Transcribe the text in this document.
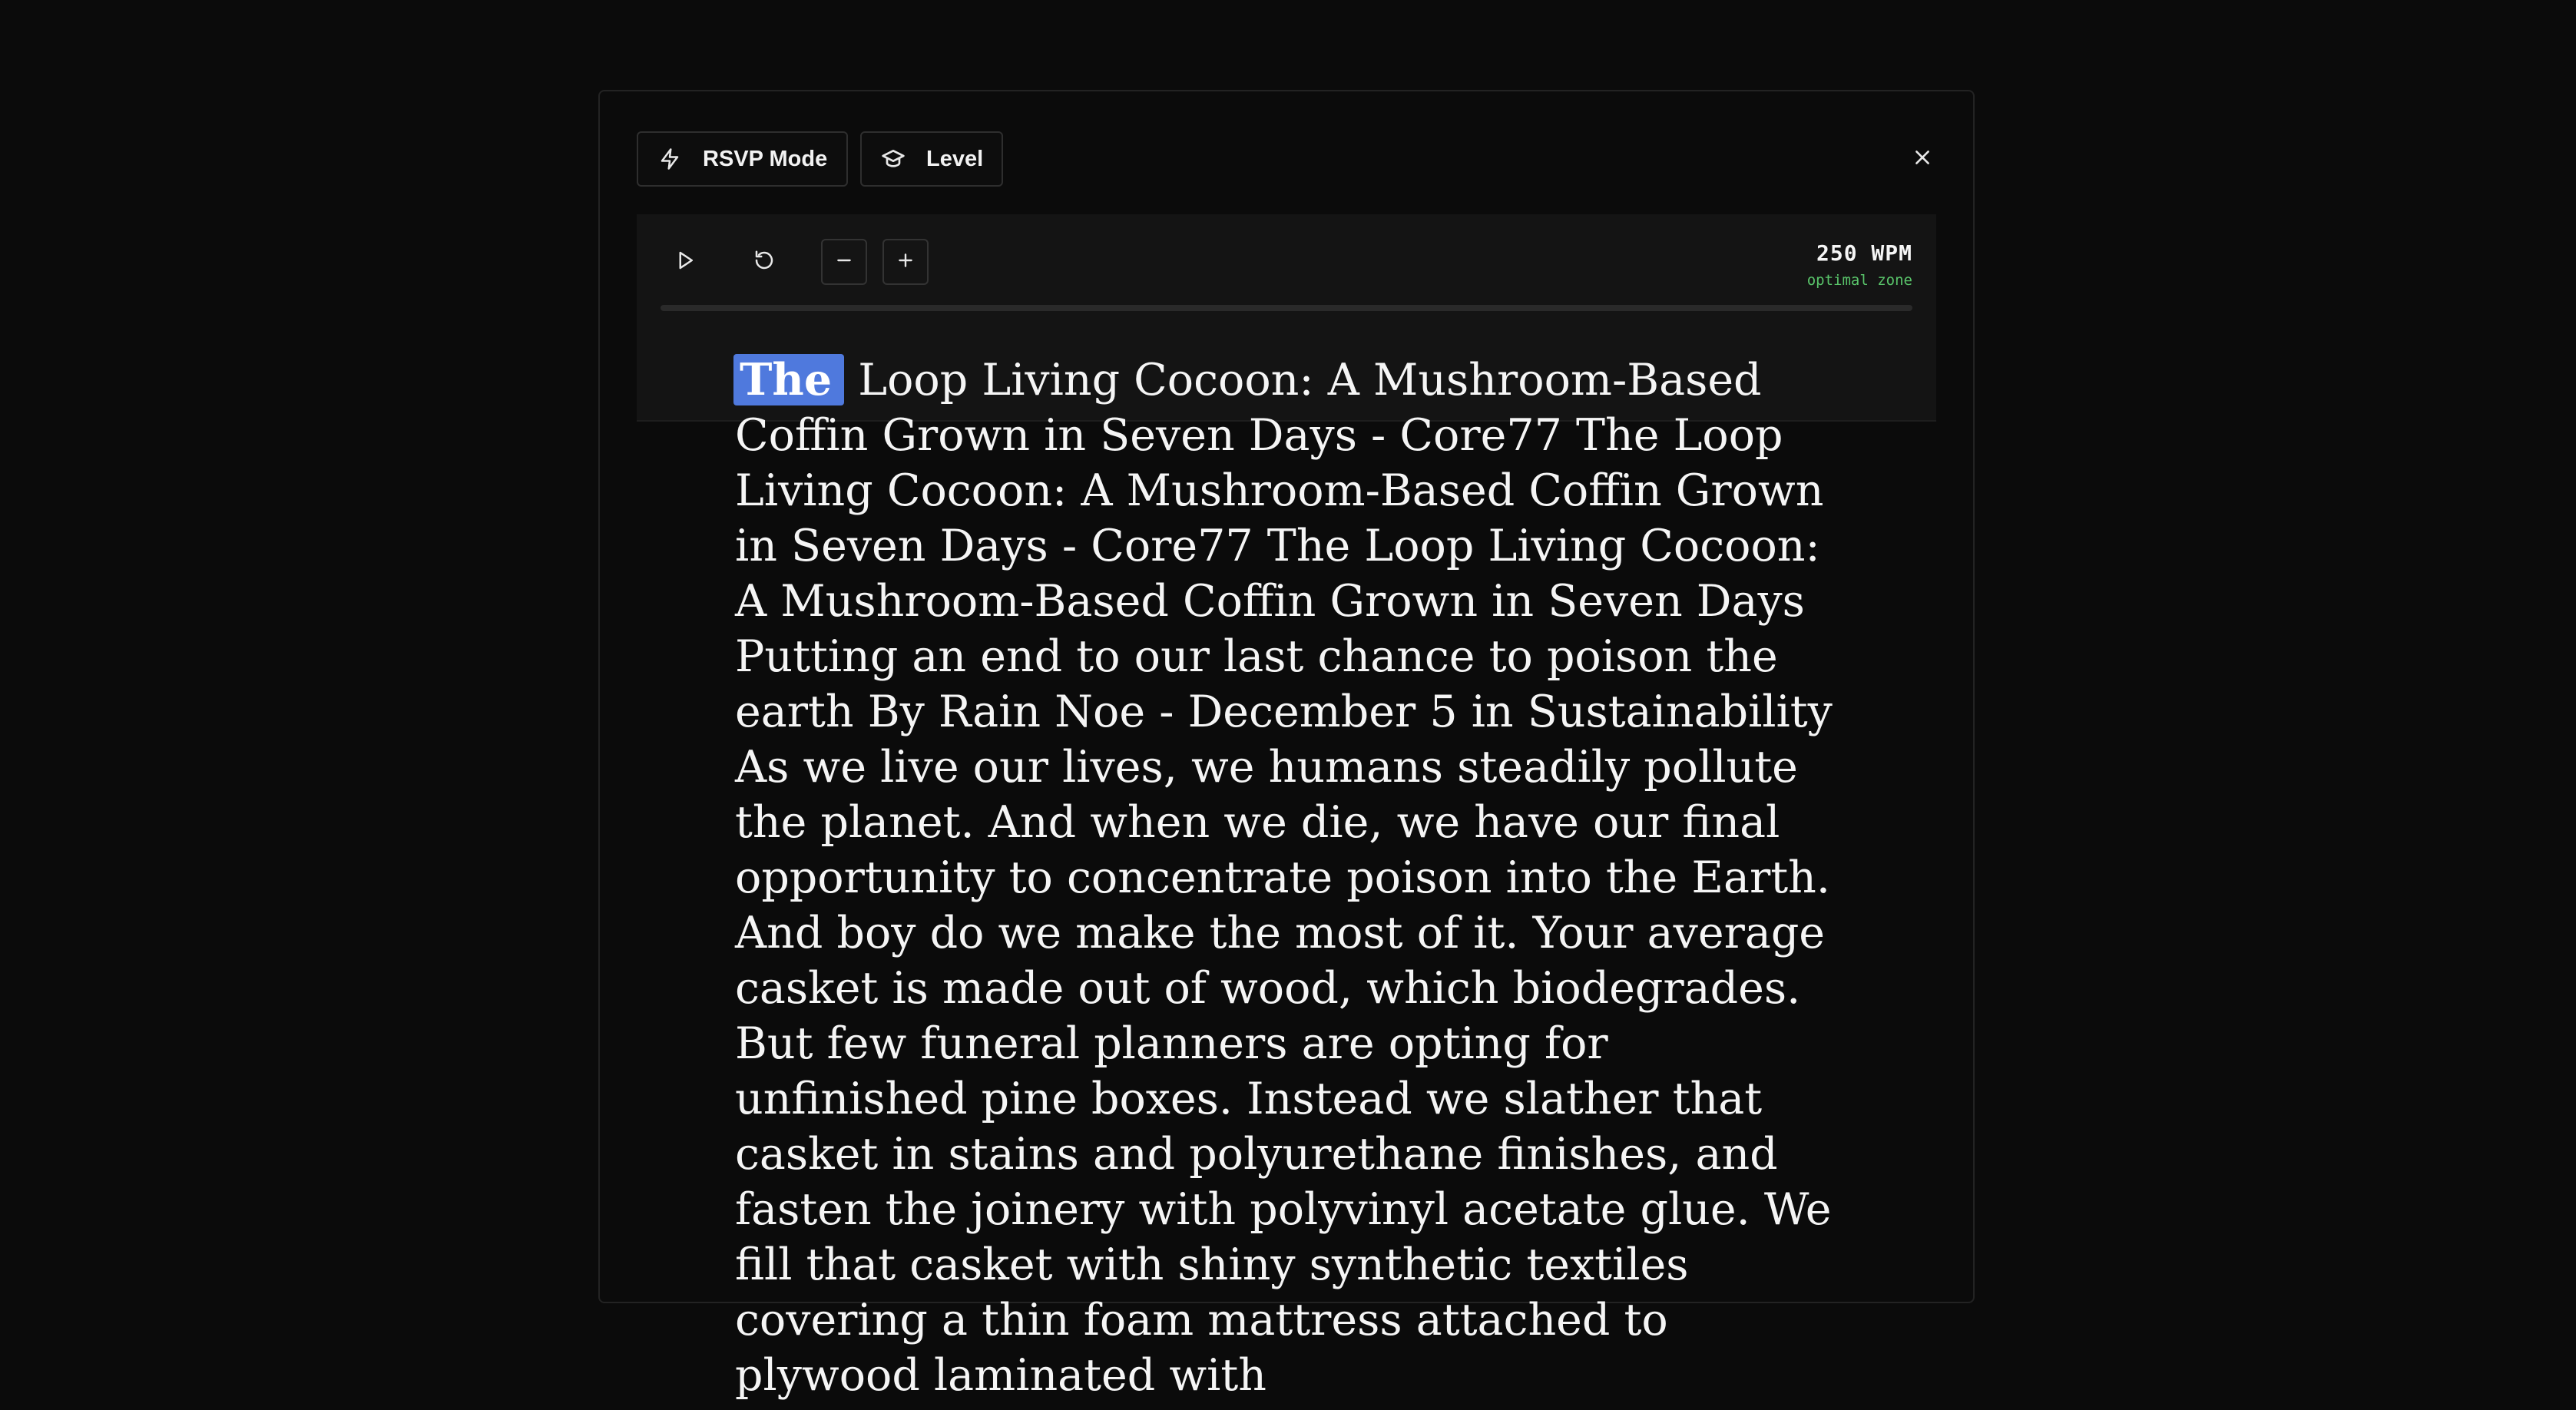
RSVP Mode	Level
250 WPM
optimal zone

The Loop Living Cocoon: A Mushroom-Based Coffin Grown in Seven Days - Core77 The Loop Living Cocoon: A Mushroom-Based Coffin Grown in Seven Days - Core77 The Loop Living Cocoon: A Mushroom-Based Coffin Grown in Seven Days Putting an end to our last chance to poison the earth By Rain Noe - December 5 in Sustainability As we live our lives, we humans steadily pollute the planet. And when we die, we have our final opportunity to concentrate poison into the Earth. And boy do we make the most of it. Your average casket is made out of wood, which biodegrades. But few funeral planners are opting for unfinished pine boxes. Instead we slather that casket in stains and polyurethane finishes, and fasten the joinery with polyvinyl acetate glue. We fill that casket with shiny synthetic textiles covering a thin foam mattress attached to plywood laminated with
